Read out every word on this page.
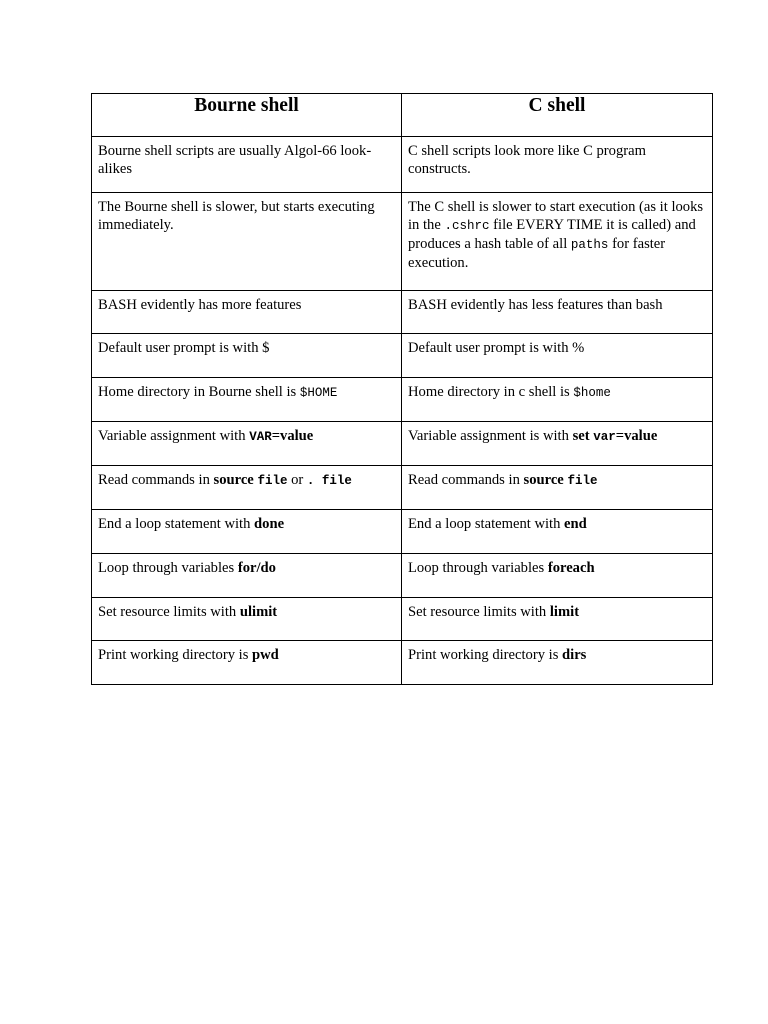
Bourne shell	C shell
Bourne shell scripts are usually Algol-66 look-alikes	C shell scripts look more like C program constructs.
The Bourne shell is slower, but starts executing immediately.	The C shell is slower to start execution (as it looks in the .cshrc file EVERY TIME it is called) and produces a hash table of all paths for faster execution.
BASH evidently has more features	BASH evidently has less features than bash
Default user prompt is with $	Default user prompt is with %
Home directory in Bourne shell is $HOME	Home directory in c shell is $home
Variable assignment with VAR=value	Variable assignment is with set var=value
Read commands in source file or . file	Read commands in source file
End a loop statement with done	End a loop statement with end
Loop through variables for/do	Loop through variables foreach
Set resource limits with ulimit	Set resource limits with limit
Print working directory is pwd	Print working directory is dirs
